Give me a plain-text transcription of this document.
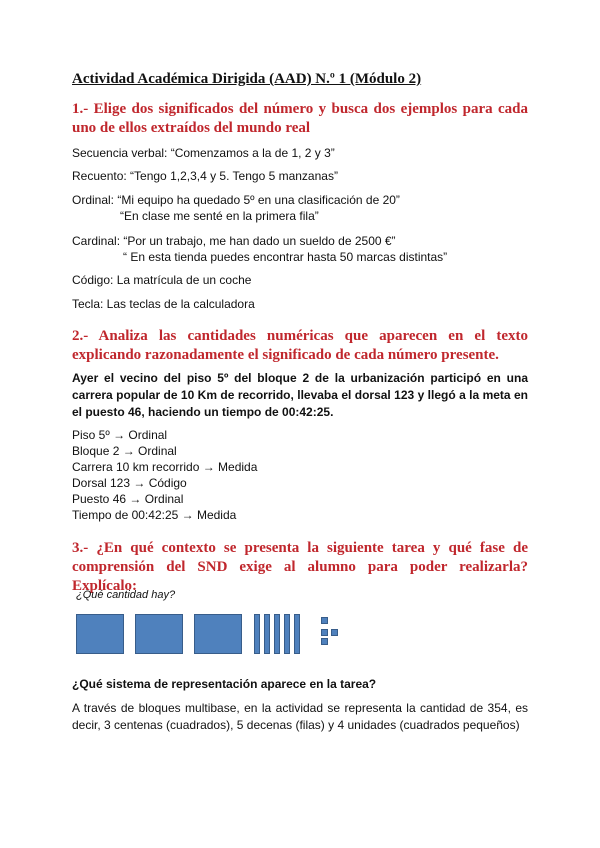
Actividad Académica Dirigida (AAD) N.º 1 (Módulo 2)
1.- Elige dos significados del número y busca dos ejemplos para cada uno de ellos extraídos del mundo real
Secuencia verbal: “Comenzamos a la de 1, 2 y 3”
Recuento: “Tengo 1,2,3,4 y 5. Tengo 5 manzanas”
Ordinal: “Mi equipo ha quedado 5º en una clasificación de 20”
“En clase me senté en la primera fila”
Cardinal: “Por un trabajo, me han dado un sueldo de 2500 €”
“ En esta tienda puedes encontrar hasta 50 marcas distintas”
Código: La matrícula de un coche
Tecla: Las teclas de la calculadora
2.- Analiza las cantidades numéricas que aparecen en el texto explicando razonadamente el significado de cada número presente.
Ayer el vecino del piso 5º del bloque 2 de la urbanización participó en una carrera popular de 10 Km de recorrido, llevaba el dorsal 123 y llegó a la meta en el puesto 46, haciendo un tiempo de 00:42:25.
Piso 5º → Ordinal
Bloque 2 → Ordinal
Carrera 10 km recorrido → Medida
Dorsal 123 → Código
Puesto 46 → Ordinal
Tiempo de 00:42:25 → Medida
3.- ¿En qué contexto se presenta la siguiente tarea y qué fase de comprensión del SND exige al alumno para poder realizarla? Explícalo:
¿Qué sistema de representación aparece en la tarea?
A través de bloques multibase, en la actividad se representa la cantidad de 354, es decir, 3 centenas (cuadrados), 5 decenas (filas) y 4 unidades (cuadrados pequeños)
¿Qué cantidad hay?
